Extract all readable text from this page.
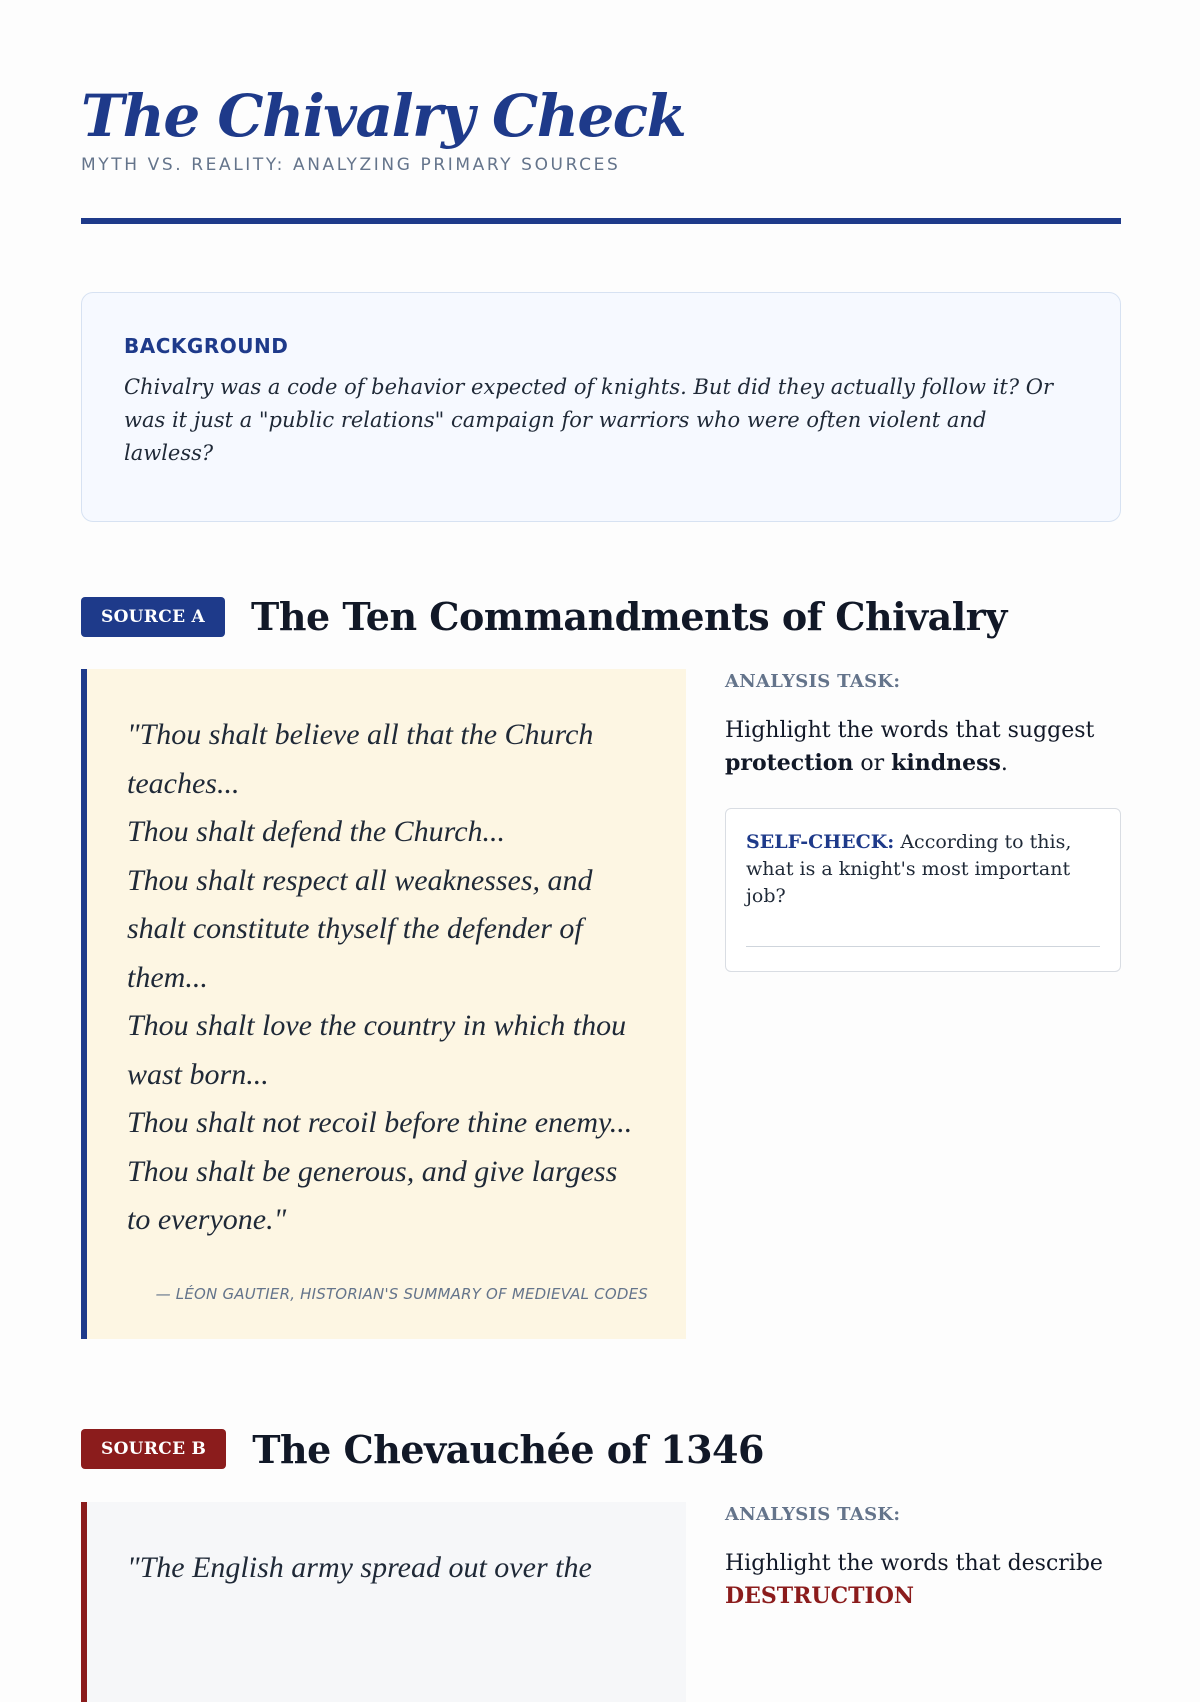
The Chivalry Check
MYTH VS. REALITY: ANALYZING PRIMARY SOURCES
BACKGROUND
Chivalry was a code of behavior expected of knights. But did they actually follow it? Or was it just a "public relations" campaign for warriors who were often violent and lawless?
SOURCE A	The Ten Commandments of Chivalry
"Thou shalt believe all that the Church teaches...
Thou shalt defend the Church...
Thou shalt respect all weaknesses, and shalt constitute thyself the defender of them...
Thou shalt love the country in which thou wast born...
Thou shalt not recoil before thine enemy...
Thou shalt be generous, and give largess to everyone."
— LÉON GAUTIER, HISTORIAN'S SUMMARY OF MEDIEVAL CODES
ANALYSIS TASK:
Highlight the words that suggest protection or kindness.
SELF-CHECK: According to this, what is a knight's most important job?
SOURCE B	The Chevauchée of 1346
"The English army spread out over the
ANALYSIS TASK:
Highlight the words that describe
DESTRUCTION
